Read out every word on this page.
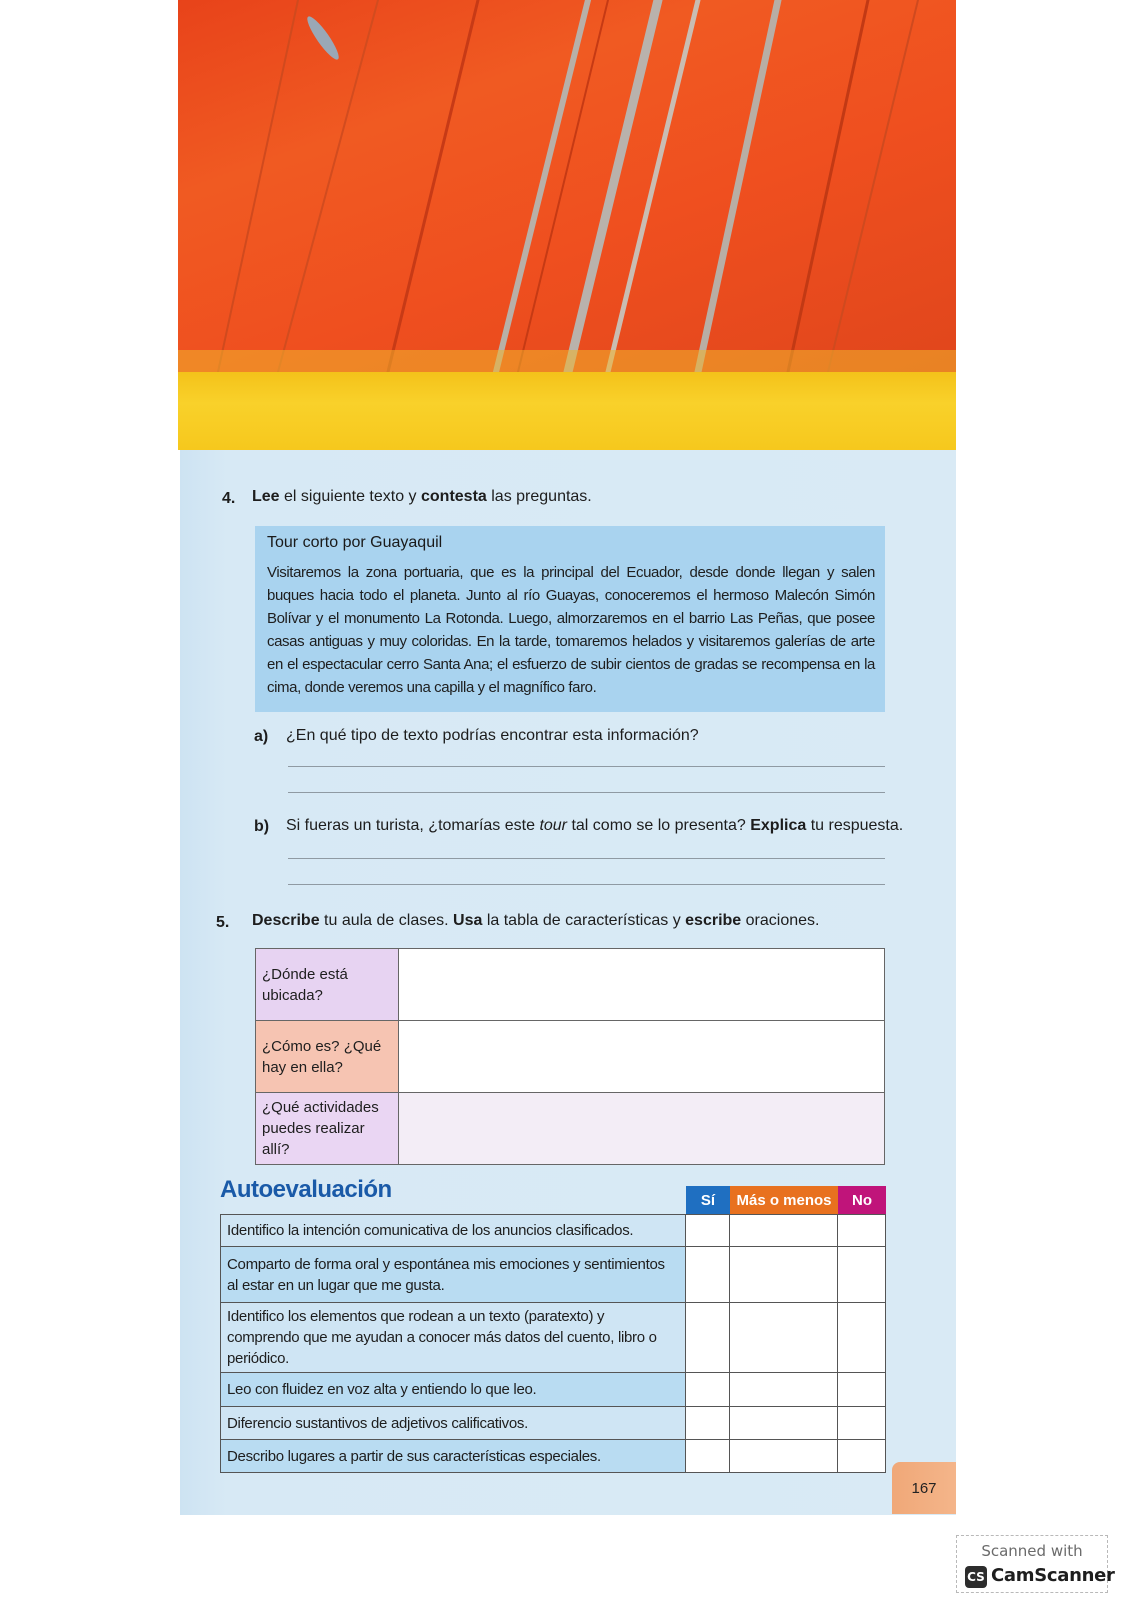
4. Lee el siguiente texto y contesta las preguntas.
Tour corto por Guayaquil

Visitaremos la zona portuaria, que es la principal del Ecuador, desde donde llegan y salen buques hacia todo el planeta. Junto al río Guayas, conoceremos el hermoso Malecón Simón Bolívar y el monumento La Rotonda. Luego, almorzaremos en el barrio Las Peñas, que posee casas antiguas y muy coloridas. En la tarde, tomaremos helados y visitaremos galerías de arte en el espectacular cerro Santa Ana; el esfuerzo de subir cientos de gradas se recompensa en la cima, donde veremos una capilla y el magnífico faro.

a) ¿En qué tipo de texto podrías encontrar esta información?
b) Si fueras un turista, ¿tomarías este tour tal como se lo presenta? Explica tu respuesta.
5. Describe tu aula de clases. Usa la tabla de características y escribe oraciones.
¿Dónde está ubicada?	
¿Cómo es? ¿Qué hay en ella?	
¿Qué actividades puedes realizar allí?	
Autoevaluación	Sí	Más o menos	No
Identifico la intención comunicativa de los anuncios clasificados.			
Comparto de forma oral y espontánea mis emociones y sentimientos al estar en un lugar que me gusta.			
Identifico los elementos que rodean a un texto (paratexto) y comprendo que me ayudan a conocer más datos del cuento, libro o periódico.			
Leo con fluidez en voz alta y entiendo lo que leo.			
Diferencio sustantivos de adjetivos calificativos.			
Describo lugares a partir de sus características especiales.			
167
Scanned with
CS CamScanner
